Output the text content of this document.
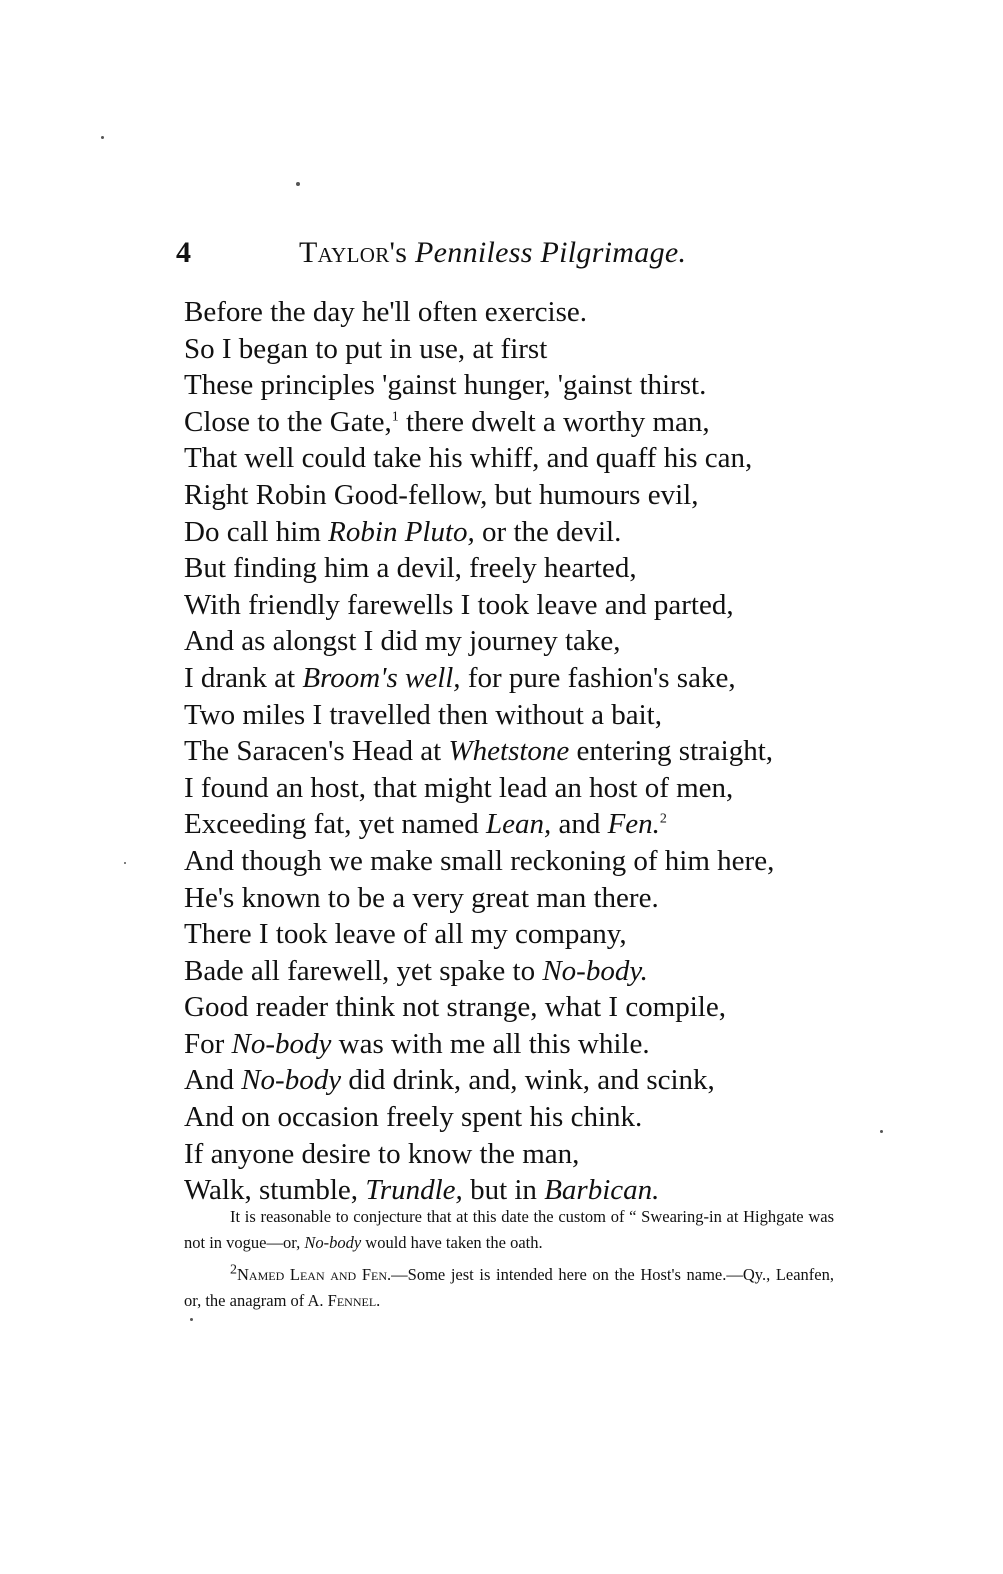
4	Taylor's Penniless Pilgrimage.
Before the day he'll often exercise.
So I began to put in use, at first
These principles 'gainst hunger, 'gainst thirst.
Close to the Gate,$^1$ there dwelt a worthy man,
That well could take his whiff, and quaff his can,
Right Robin Good-fellow, but humours evil,
Do call him Robin Pluto, or the devil.
But finding him a devil, freely hearted,
With friendly farewells I took leave and parted,
And as alongst I did my journey take,
I drank at Broom's well, for pure fashion's sake,
Two miles I travelled then without a bait,
The Saracen's Head at Whetstone entering straight,
I found an host, that might lead an host of men,
Exceeding fat, yet named Lean, and Fen.$^2$
And though we make small reckoning of him here,
He's known to be a very great man there.
There I took leave of all my company,
Bade all farewell, yet spake to No-body.
Good reader think not strange, what I compile,
For No-body was with me all this while.
And No-body did drink, and, wink, and scink,
And on occasion freely spent his chink.
If anyone desire to know the man,
Walk, stumble, Trundle, but in Barbican.

It is reasonable to conjecture that at this date the custom of “ Swearing-in at Highgate was not in vogue—or, No-body would have taken the oath.

$^2$Named Lean and Fen.—Some jest is intended here on the Host's name.—Qy., Leanfen, or, the anagram of A. Fennel.
